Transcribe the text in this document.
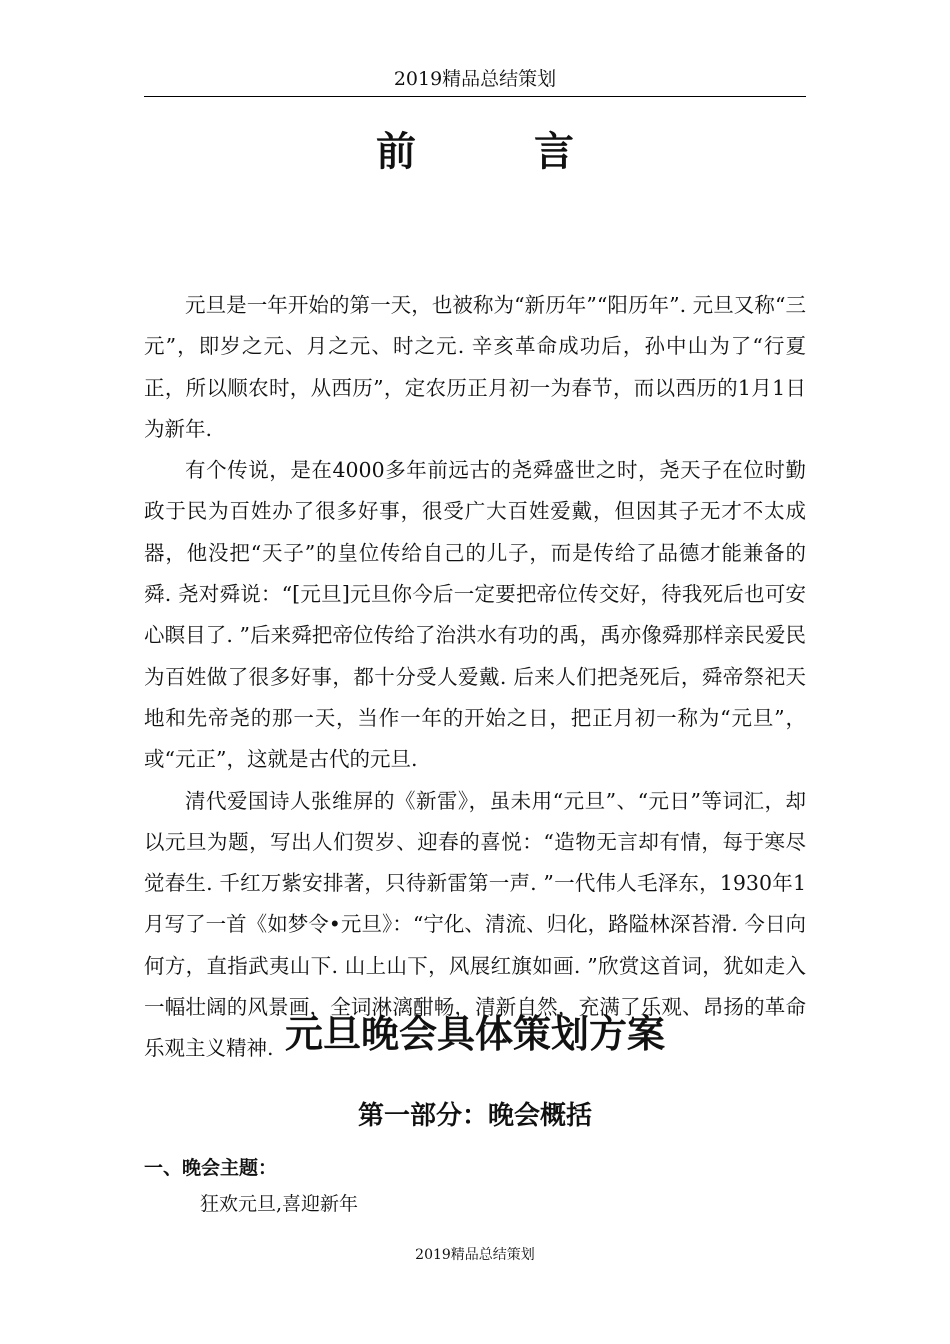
2019精品总结策划
前言

元旦是一年开始的第一天，也被称为“新历年”“阳历年”. 元旦又称“三元”，即岁之元、月之元、时之元. 辛亥革命成功后，孙中山为了“行夏正，所以顺农时，从西历”，定农历正月初一为春节，而以西历的1月1日为新年.

有个传说，是在4000多年前远古的尧舜盛世之时，尧天子在位时勤政于民为百姓办了很多好事，很受广大百姓爱戴，但因其子无才不太成器，他没把“天子”的皇位传给自己的儿子，而是传给了品德才能兼备的舜. 尧对舜说：“[元旦]元旦你今后一定要把帝位传交好，待我死后也可安心瞑目了. ”后来舜把帝位传给了治洪水有功的禹，禹亦像舜那样亲民爱民为百姓做了很多好事，都十分受人爱戴. 后来人们把尧死后，舜帝祭祀天地和先帝尧的那一天，当作一年的开始之日，把正月初一称为“元旦”，或“元正”，这就是古代的元旦.

清代爱国诗人张维屏的《新雷》，虽未用“元旦”、“元日”等词汇，却以元旦为题，写出人们贺岁、迎春的喜悦：“造物无言却有情，每于寒尽觉春生. 千红万紫安排著，只待新雷第一声. ”一代伟人毛泽东，1930年1月写了一首《如梦令•元旦》：“宁化、清流、归化，路隘林深苔滑. 今日向何方，直指武夷山下. 山上山下，风展红旗如画. ”欣赏这首词，犹如走入一幅壮阔的风景画，全词淋漓酣畅，清新自然，充满了乐观、昂扬的革命乐观主义精神. 元旦晚会具体策划方案
第一部分：晚会概括
一、晚会主题：
狂欢元旦,喜迎新年
2019精品总结策划
